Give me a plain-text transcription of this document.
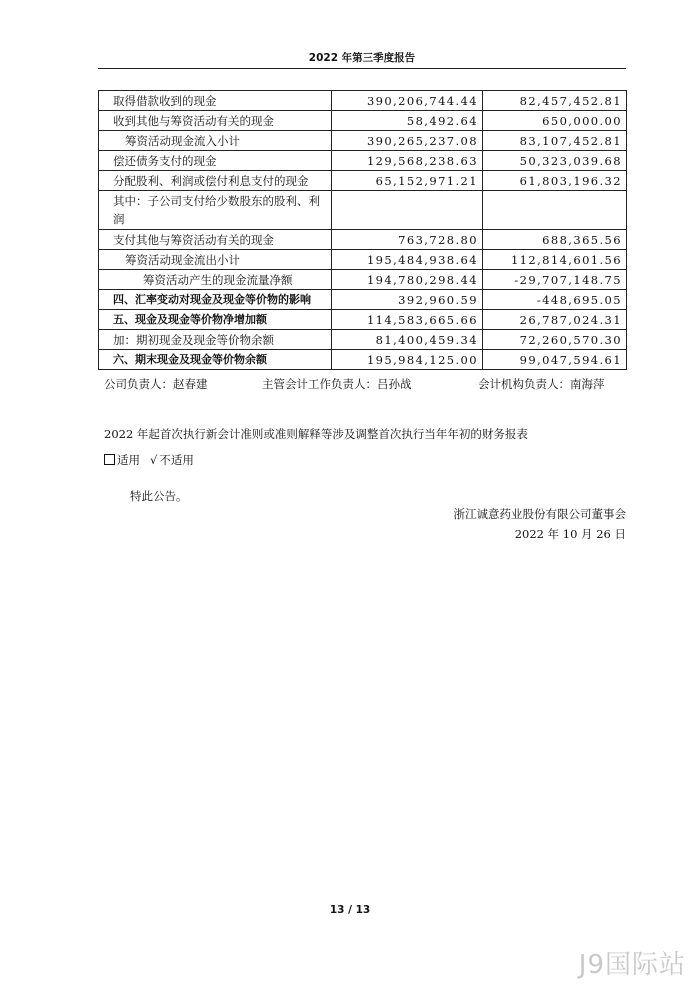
2022 年第三季度报告
取得借款收到的现金	390,206,744.44	82,457,452.81
收到其他与筹资活动有关的现金	58,492.64	650,000.00
筹资活动现金流入小计	390,265,237.08	83,107,452.81
偿还债务支付的现金	129,568,238.63	50,323,039.68
分配股利、利润或偿付利息支付的现金	65,152,971.21	61,803,196.32
其中：子公司支付给少数股东的股利、利润		
支付其他与筹资活动有关的现金	763,728.80	688,365.56
筹资活动现金流出小计	195,484,938.64	112,814,601.56
筹资活动产生的现金流量净额	194,780,298.44	-29,707,148.75
四、汇率变动对现金及现金等价物的影响	392,960.59	-448,695.05
五、现金及现金等价物净增加额	114,583,665.66	26,787,024.31
加：期初现金及现金等价物余额	81,400,459.34	72,260,570.30
六、期末现金及现金等价物余额	195,984,125.00	99,047,594.61
公司负责人：赵春建	主管会计工作负责人：吕孙战	会计机构负责人：南海萍
2022 年起首次执行新会计准则或准则解释等涉及调整首次执行当年年初的财务报表
适用 √ 不适用
特此公告。
浙江诚意药业股份有限公司董事会
2022 年 10 月 26 日
13 / 13
J9国际站
